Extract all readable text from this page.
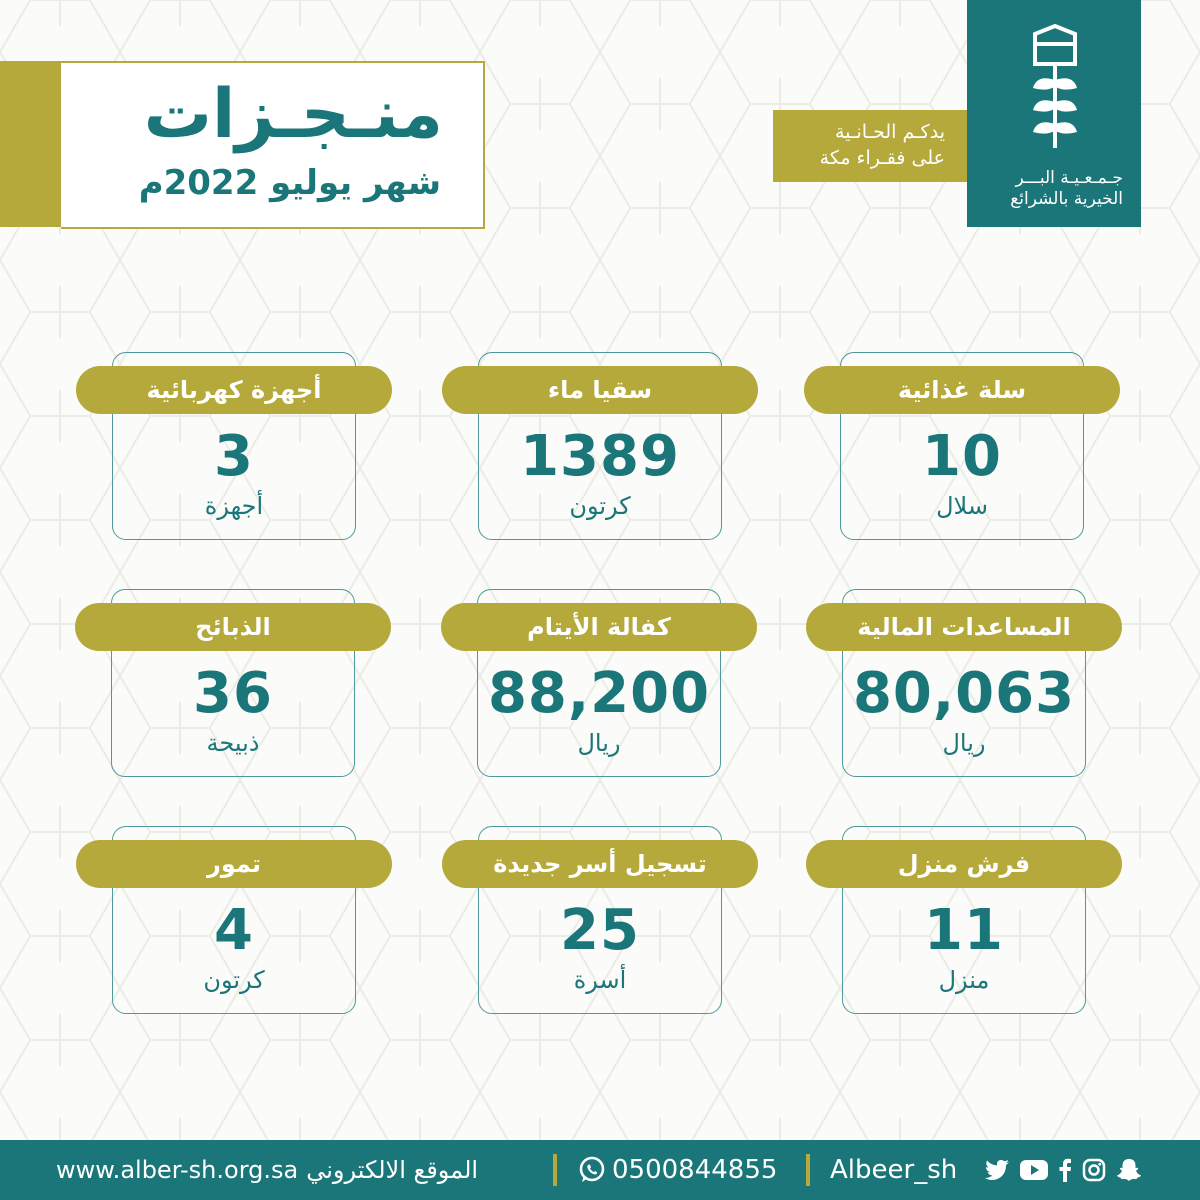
منـجـزات
شهر يوليو 2022م
يدكـم الحـانـية
على فقـراء مكة
جـمـعـيـة البـــر
الخيرية بالشرائع
سلة غذائية
10
سلال
سقيا ماء
1389
كرتون
أجهزة كهربائية
3
أجهزة
المساعدات المالية
80,063
ريال
كفالة الأيتام
88,200
ريال
الذبائح
36
ذبيحة
فرش منزل
11
منزل
تسجيل أسر جديدة
25
أسرة
تمور
4
كرتون
www.alber-sh.org.sa الموقع الالكتروني	0500844855 Albeer_sh
